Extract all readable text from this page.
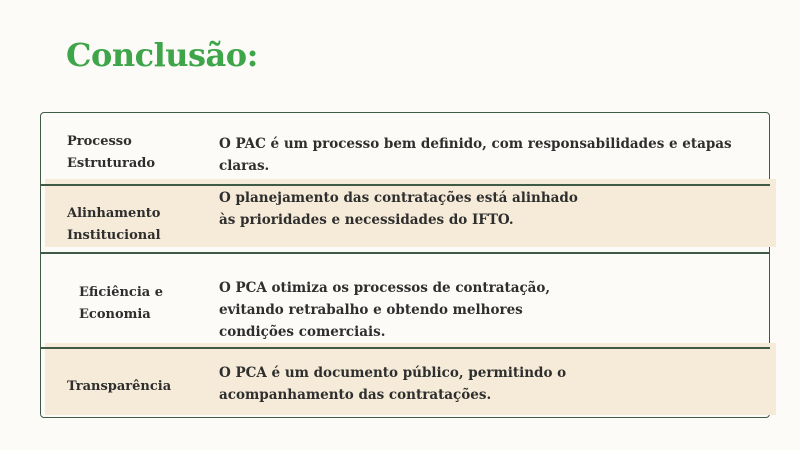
Conclusão:
Processo
Estruturado
O PAC é um processo bem definido, com responsabilidades e etapas claras.
Alinhamento
Institucional
O planejamento das contratações está alinhado
às prioridades e necessidades do IFTO.
Eficiência e
Economia
O PCA otimiza os processos de contratação,
evitando retrabalho e obtendo melhores
condições comerciais.
Transparência
O PCA é um documento público, permitindo o
acompanhamento das contratações.
